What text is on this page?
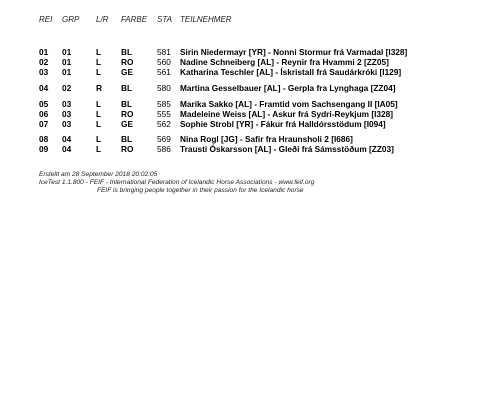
REI GRP L/R FARBE STA TEILNEHMER
01 01	L BL	581 Sirin Niedermayr [YR] - Nonni Stormur frá Varmadal [I328]
02 01	L RO	560 Nadine Schneiberg [AL] - Reynir fra Hvammi 2 [ZZ05]
03 01	L GE	561 Katharina Teschler [AL] - Ískristall frá Saudárkróki [I129]
04 02	R BL	580 Martina Gesselbauer [AL] - Gerpla fra Lynghaga [ZZ04]
05 03	L BL	585 Marika Sakko [AL] - Framtid vom Sachsengang II [IA05]
06 03	L RO	555 Madeleine Weiss [AL] - Askur frá Sydri-Reykjum [I328]
07 03	L GE	562 Sophie Strobl [YR] - Fákur frá Halldórsstödum [I094]
08 04	L BL	569 Nina Rogl [JG] - Safir fra Hraunsholi 2 [I686]
09 04	L RO	586 Trausti Óskarsson [AL] - Gleði frá Sámsstöðum [ZZ03]
Erstellt am 28 September 2018 20:02:05
IceTest 1.1.800 - FEIF - International Federation of Icelandic Horse Associations - www.feif.org
FEIF is bringing people together in their passion for the Icelandic horse
